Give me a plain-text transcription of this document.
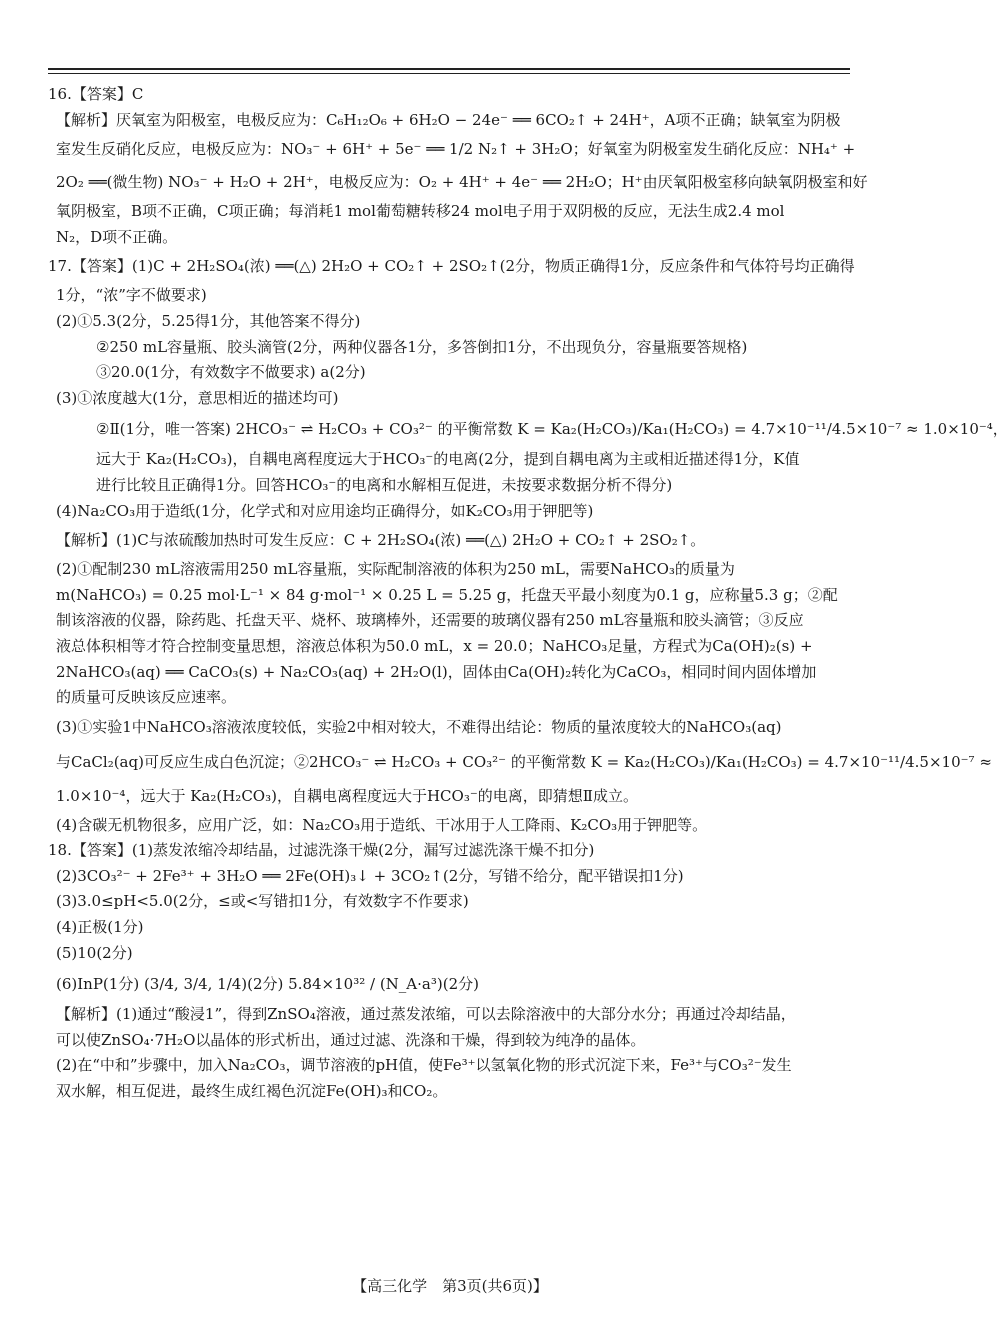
16.【答案】C
【解析】厌氧室为阳极室，电极反应为：C₆H₁₂O₆ + 6H₂O − 24e⁻ ══ 6CO₂↑ + 24H⁺，A项不正确；缺氧室为阴极
室发生反硝化反应，电极反应为：NO₃⁻ + 6H⁺ + 5e⁻ ══ 1/2 N₂↑ + 3H₂O；好氧室为阴极室发生硝化反应：NH₄⁺ +
2O₂ ══(微生物) NO₃⁻ + H₂O + 2H⁺，电极反应为：O₂ + 4H⁺ + 4e⁻ ══ 2H₂O；H⁺由厌氧阳极室移向缺氧阴极室和好
氧阴极室，B项不正确，C项正确；每消耗1 mol葡萄糖转移24 mol电子用于双阴极的反应，无法生成2.4 mol
N₂，D项不正确。
17.【答案】(1)C + 2H₂SO₄(浓) ══(△) 2H₂O + CO₂↑ + 2SO₂↑(2分，物质正确得1分，反应条件和气体符号均正确得
1分，“浓”字不做要求)
(2)①5.3(2分，5.25得1分，其他答案不得分)
②250 mL容量瓶、胶头滴管(2分，两种仪器各1分，多答倒扣1分，不出现负分，容量瓶要答规格)
③20.0(1分，有效数字不做要求) a(2分)
(3)①浓度越大(1分，意思相近的描述均可)
②Ⅱ(1分，唯一答案) 2HCO₃⁻ ⇌ H₂CO₃ + CO₃²⁻ 的平衡常数 K = Ka₂(H₂CO₃)/Ka₁(H₂CO₃) = 4.7×10⁻¹¹/4.5×10⁻⁷ ≈ 1.0×10⁻⁴，
远大于 Ka₂(H₂CO₃)，自耦电离程度远大于HCO₃⁻的电离(2分，提到自耦电离为主或相近描述得1分，K值
进行比较且正确得1分。回答HCO₃⁻的电离和水解相互促进，未按要求数据分析不得分)
(4)Na₂CO₃用于造纸(1分，化学式和对应用途均正确得分，如K₂CO₃用于钾肥等)
【解析】(1)C与浓硫酸加热时可发生反应：C + 2H₂SO₄(浓) ══(△) 2H₂O + CO₂↑ + 2SO₂↑。
(2)①配制230 mL溶液需用250 mL容量瓶，实际配制溶液的体积为250 mL，需要NaHCO₃的质量为
m(NaHCO₃) = 0.25 mol·L⁻¹ × 84 g·mol⁻¹ × 0.25 L = 5.25 g，托盘天平最小刻度为0.1 g，应称量5.3 g；②配
制该溶液的仪器，除药匙、托盘天平、烧杯、玻璃棒外，还需要的玻璃仪器有250 mL容量瓶和胶头滴管；③反应
液总体积相等才符合控制变量思想，溶液总体积为50.0 mL，x = 20.0；NaHCO₃足量，方程式为Ca(OH)₂(s) +
2NaHCO₃(aq) ══ CaCO₃(s) + Na₂CO₃(aq) + 2H₂O(l)，固体由Ca(OH)₂转化为CaCO₃，相同时间内固体增加
的质量可反映该反应速率。
(3)①实验1中NaHCO₃溶液浓度较低，实验2中相对较大，不难得出结论：物质的量浓度较大的NaHCO₃(aq)
与CaCl₂(aq)可反应生成白色沉淀；②2HCO₃⁻ ⇌ H₂CO₃ + CO₃²⁻ 的平衡常数 K = Ka₂(H₂CO₃)/Ka₁(H₂CO₃) = 4.7×10⁻¹¹/4.5×10⁻⁷ ≈
1.0×10⁻⁴，远大于 Ka₂(H₂CO₃)，自耦电离程度远大于HCO₃⁻的电离，即猜想Ⅱ成立。
(4)含碳无机物很多，应用广泛，如：Na₂CO₃用于造纸、干冰用于人工降雨、K₂CO₃用于钾肥等。
18.【答案】(1)蒸发浓缩冷却结晶，过滤洗涤干燥(2分，漏写过滤洗涤干燥不扣分)
(2)3CO₃²⁻ + 2Fe³⁺ + 3H₂O ══ 2Fe(OH)₃↓ + 3CO₂↑(2分，写错不给分，配平错误扣1分)
(3)3.0≤pH<5.0(2分，≤或<写错扣1分，有效数字不作要求)
(4)正极(1分)
(5)10(2分)
(6)InP(1分) (3/4, 3/4, 1/4)(2分) 5.84×10³² / (N_A·a³)(2分)
【解析】(1)通过“酸浸1”，得到ZnSO₄溶液，通过蒸发浓缩，可以去除溶液中的大部分水分；再通过冷却结晶，
可以使ZnSO₄·7H₂O以晶体的形式析出，通过过滤、洗涤和干燥，得到较为纯净的晶体。
(2)在“中和”步骤中，加入Na₂CO₃，调节溶液的pH值，使Fe³⁺以氢氧化物的形式沉淀下来，Fe³⁺与CO₃²⁻发生
双水解，相互促进，最终生成红褐色沉淀Fe(OH)₃和CO₂。
【高三化学　第3页(共6页)】
